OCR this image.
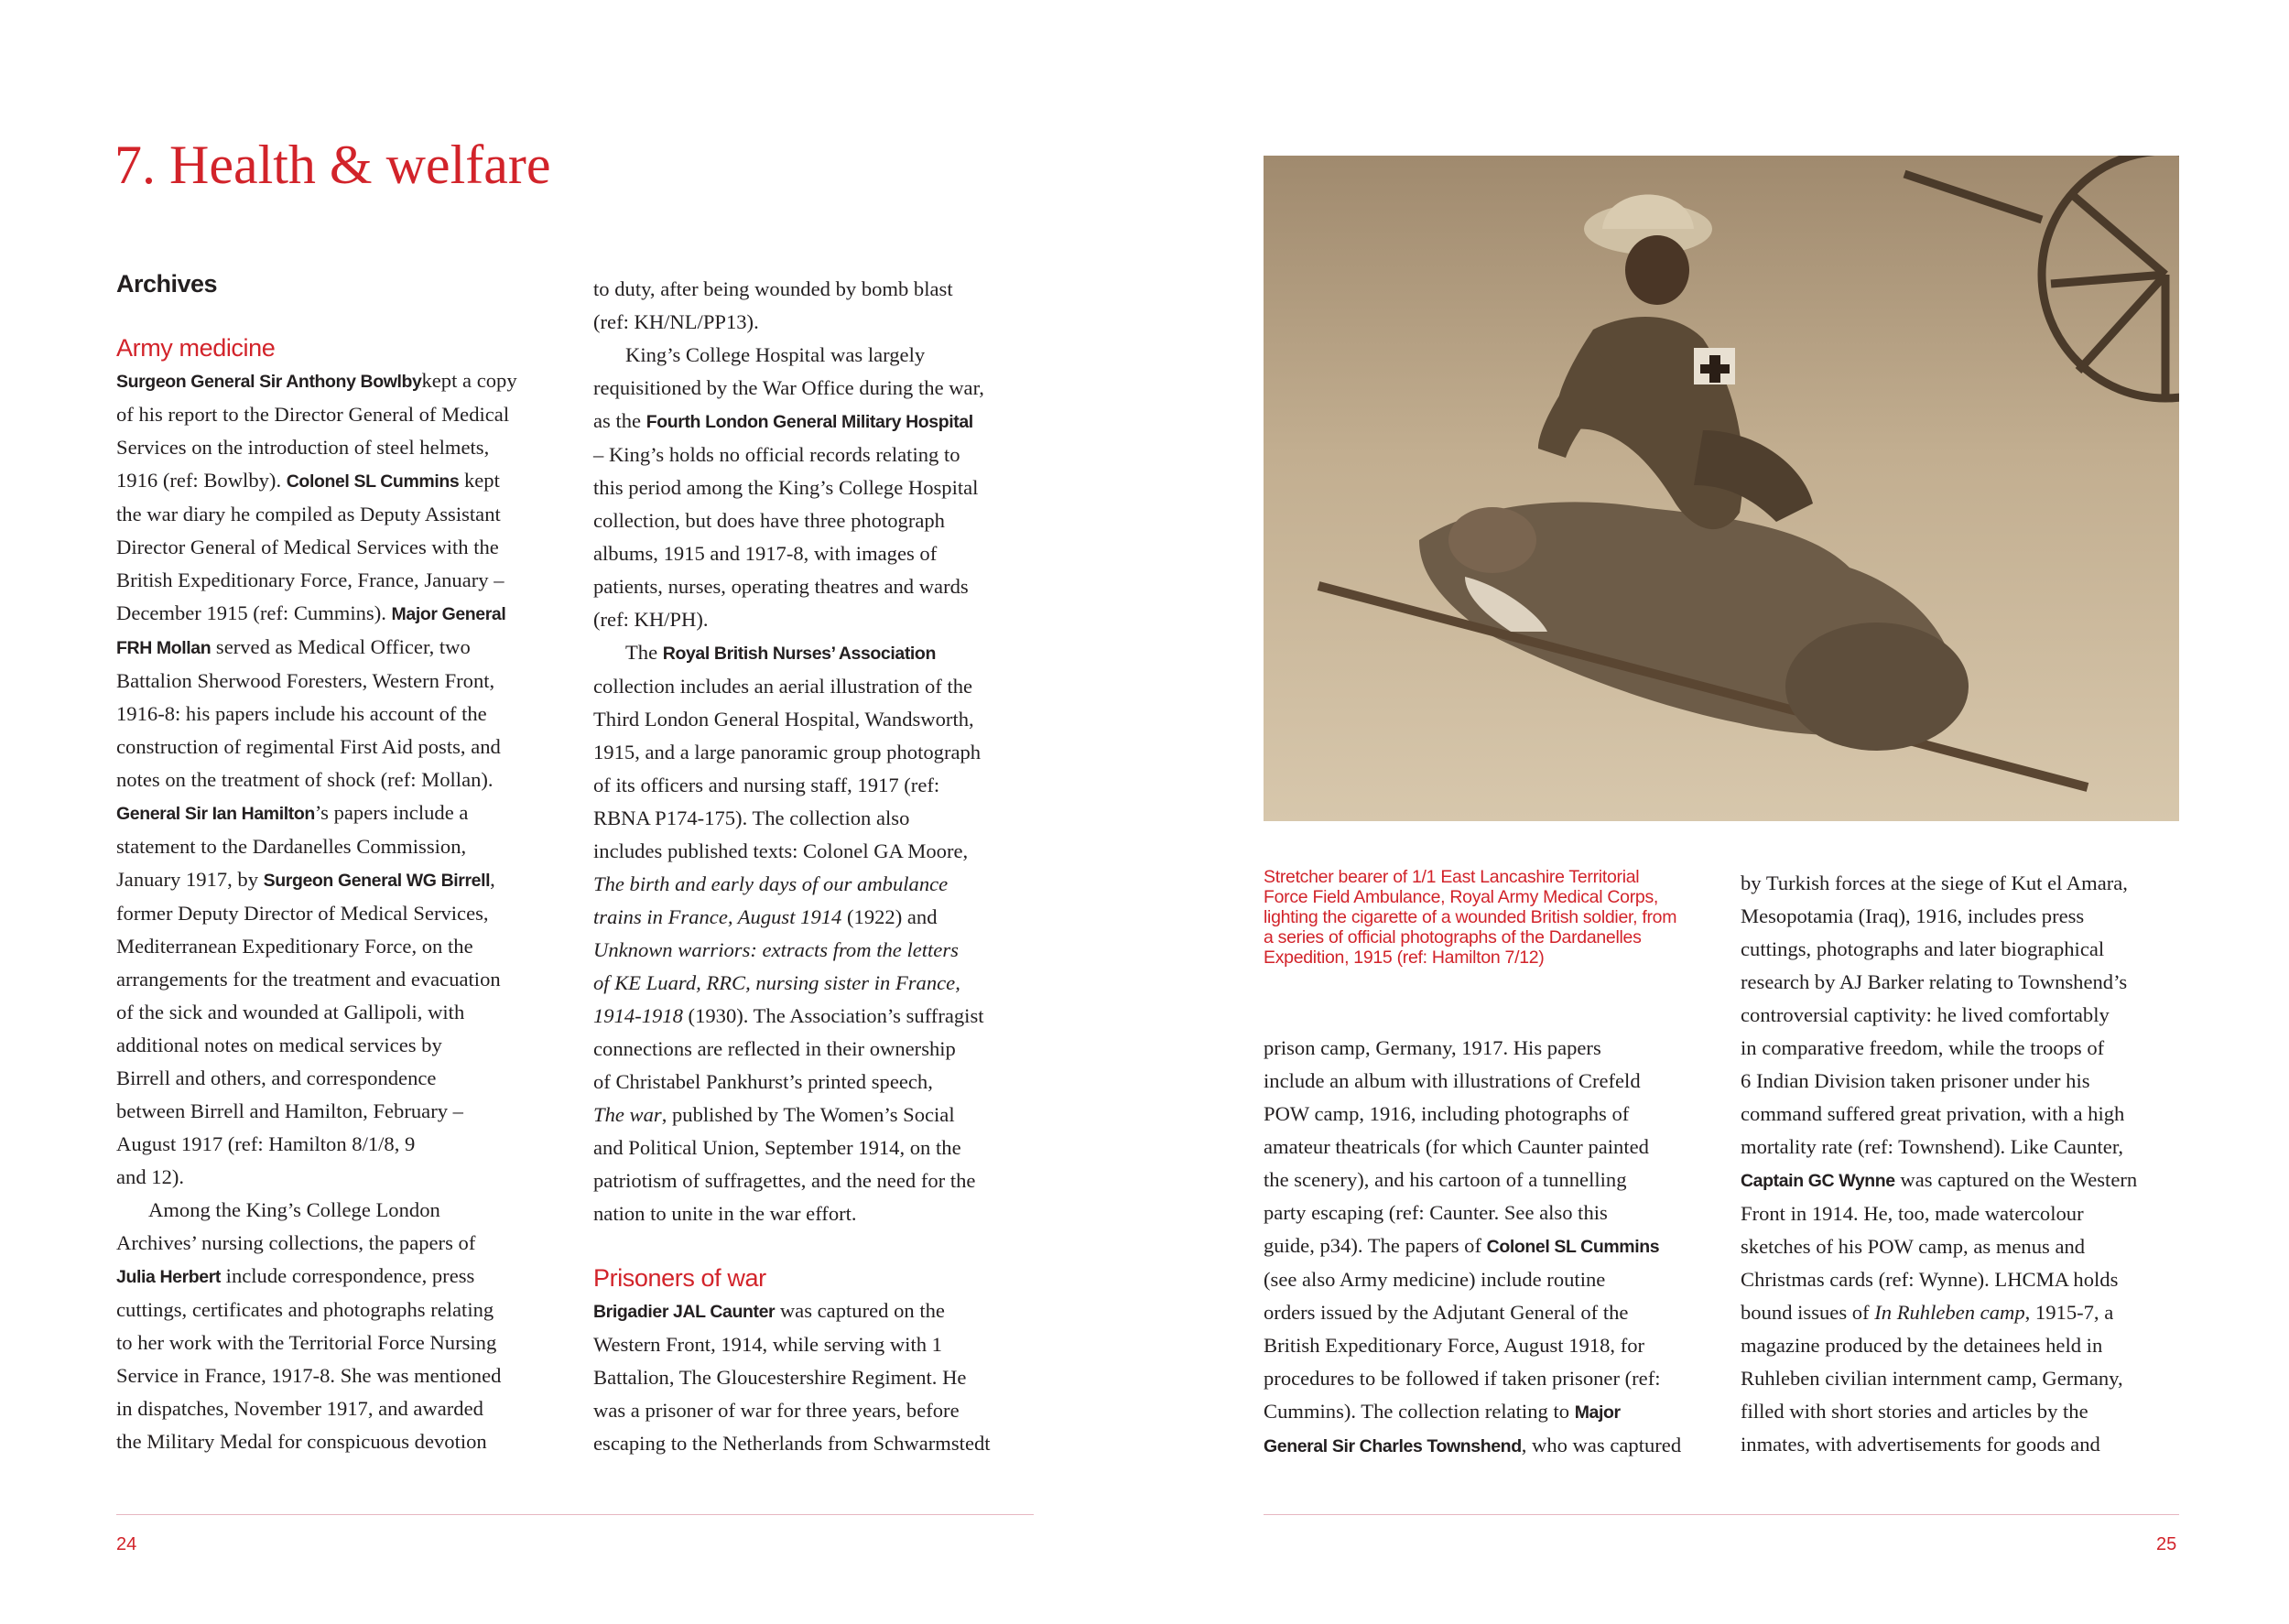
7. Health & welfare
Archives
Army medicine

Surgeon General Sir Anthony Bowlbykept a copy
of his report to the Director General of Medical
Services on the introduction of steel helmets,
1916 (ref: Bowlby). Colonel SL Cummins kept
the war diary he compiled as Deputy Assistant
Director General of Medical Services with the
British Expeditionary Force, France, January –
December 1915 (ref: Cummins). Major General
FRH Mollan served as Medical Officer, two
Battalion Sherwood Foresters, Western Front,
1916-8: his papers include his account of the
construction of regimental First Aid posts, and
notes on the treatment of shock (ref: Mollan).
General Sir Ian Hamilton’s papers include a
statement to the Dardanelles Commission,
January 1917, by Surgeon General WG Birrell,
former Deputy Director of Medical Services,
Mediterranean Expeditionary Force, on the
arrangements for the treatment and evacuation
of the sick and wounded at Gallipoli, with
additional notes on medical services by
Birrell and others, and correspondence
between Birrell and Hamilton, February –
August 1917 (ref: Hamilton 8/1/8, 9
and 12).

Among the King’s College London
Archives’ nursing collections, the papers of
Julia Herbert include correspondence, press
cuttings, certificates and photographs relating
to her work with the Territorial Force Nursing
Service in France, 1917-8. She was mentioned
in dispatches, November 1917, and awarded
the Military Medal for conspicuous devotion

to duty, after being wounded by bomb blast
(ref: KH/NL/PP13).

King’s College Hospital was largely
requisitioned by the War Office during the war,
as the Fourth London General Military Hospital
– King’s holds no official records relating to
this period among the King’s College Hospital
collection, but does have three photograph
albums, 1915 and 1917-8, with images of
patients, nurses, operating theatres and wards
(ref: KH/PH).

The Royal British Nurses’ Association
collection includes an aerial illustration of the
Third London General Hospital, Wandsworth,
1915, and a large panoramic group photograph
of its officers and nursing staff, 1917 (ref:
RBNA P174-175). The collection also
includes published texts: Colonel GA Moore,
The birth and early days of our ambulance
trains in France, August 1914 (1922) and
Unknown warriors: extracts from the letters
of KE Luard, RRC, nursing sister in France,
1914-1918 (1930). The Association’s suffragist
connections are reflected in their ownership
of Christabel Pankhurst’s printed speech,
The war, published by The Women’s Social
and Political Union, September 1914, on the
patriotism of suffragettes, and the need for the
nation to unite in the war effort.

Prisoners of war

Brigadier JAL Caunter was captured on the
Western Front, 1914, while serving with 1
Battalion, The Gloucestershire Regiment. He
was a prisoner of war for three years, before
escaping to the Netherlands from Schwarmstedt

24

Stretcher bearer of 1/1 East Lancashire Territorial Force Field Ambulance, Royal Army Medical Corps, lighting the cigarette of a wounded British soldier, from a series of official photographs of the Dardanelles Expedition, 1915 (ref: Hamilton 7/12)

prison camp, Germany, 1917. His papers
include an album with illustrations of Crefeld
POW camp, 1916, including photographs of
amateur theatricals (for which Caunter painted
the scenery), and his cartoon of a tunnelling
party escaping (ref: Caunter. See also this
guide, p34). The papers of Colonel SL Cummins
(see also Army medicine) include routine
orders issued by the Adjutant General of the
British Expeditionary Force, August 1918, for
procedures to be followed if taken prisoner (ref:
Cummins). The collection relating to Major
General Sir Charles Townshend, who was captured

by Turkish forces at the siege of Kut el Amara,
Mesopotamia (Iraq), 1916, includes press
cuttings, photographs and later biographical
research by AJ Barker relating to Townshend’s
controversial captivity: he lived comfortably
in comparative freedom, while the troops of
6 Indian Division taken prisoner under his
command suffered great privation, with a high
mortality rate (ref: Townshend). Like Caunter,
Captain GC Wynne was captured on the Western
Front in 1914. He, too, made watercolour
sketches of his POW camp, as menus and
Christmas cards (ref: Wynne). LHCMA holds
bound issues of In Ruhleben camp, 1915-7, a
magazine produced by the detainees held in
Ruhleben civilian internment camp, Germany,
filled with short stories and articles by the
inmates, with advertisements for goods and

25
